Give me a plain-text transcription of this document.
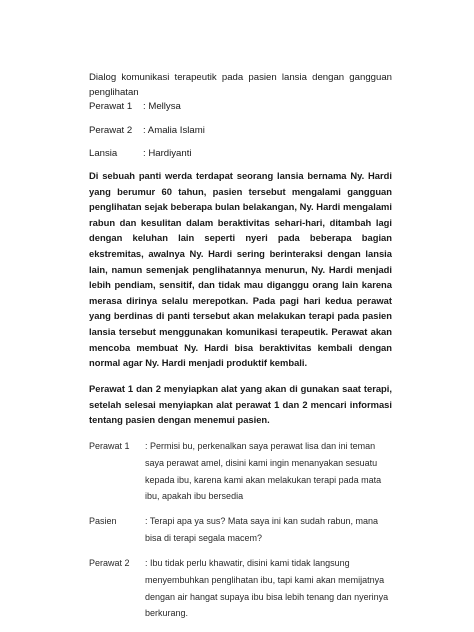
Dialog komunikasi terapeutik pada pasien lansia dengan gangguan penglihatan
Perawat 1 : Mellysa
Perawat 2 : Amalia Islami
Lansia	: Hardiyanti
Di sebuah panti werda terdapat seorang lansia bernama Ny. Hardi yang berumur 60 tahun, pasien tersebut mengalami gangguan penglihatan sejak beberapa bulan belakangan, Ny. Hardi mengalami rabun dan kesulitan dalam beraktivitas sehari-hari, ditambah lagi dengan keluhan lain seperti nyeri pada beberapa bagian ekstremitas, awalnya Ny. Hardi sering berinteraksi dengan lansia lain, namun semenjak penglihatannya menurun, Ny. Hardi menjadi lebih pendiam, sensitif, dan tidak mau diganggu orang lain karena merasa dirinya selalu merepotkan. Pada pagi hari kedua perawat yang berdinas di panti tersebut akan melakukan terapi pada pasien lansia tersebut menggunakan komunikasi terapeutik. Perawat akan mencoba membuat Ny. Hardi bisa beraktivitas kembali dengan normal agar Ny. Hardi menjadi produktif kembali.
Perawat 1 dan 2 menyiapkan alat yang akan di gunakan saat terapi, setelah selesai menyiapkan alat perawat 1 dan 2 mencari informasi tentang pasien dengan menemui pasien.
Perawat 1	: Permisi bu, perkenalkan saya perawat lisa dan ini teman saya perawat amel, disini kami ingin menanyakan sesuatu kepada ibu, karena kami akan melakukan terapi pada mata ibu, apakah ibu bersedia
Pasien	: Terapi apa ya sus? Mata saya ini kan sudah rabun, mana bisa di terapi segala macem?
Perawat 2	: Ibu tidak perlu khawatir, disini kami tidak langsung menyembuhkan penglihatan ibu, tapi kami akan memijatnya dengan air hangat supaya ibu bisa lebih tenang dan nyerinya berkurang.
